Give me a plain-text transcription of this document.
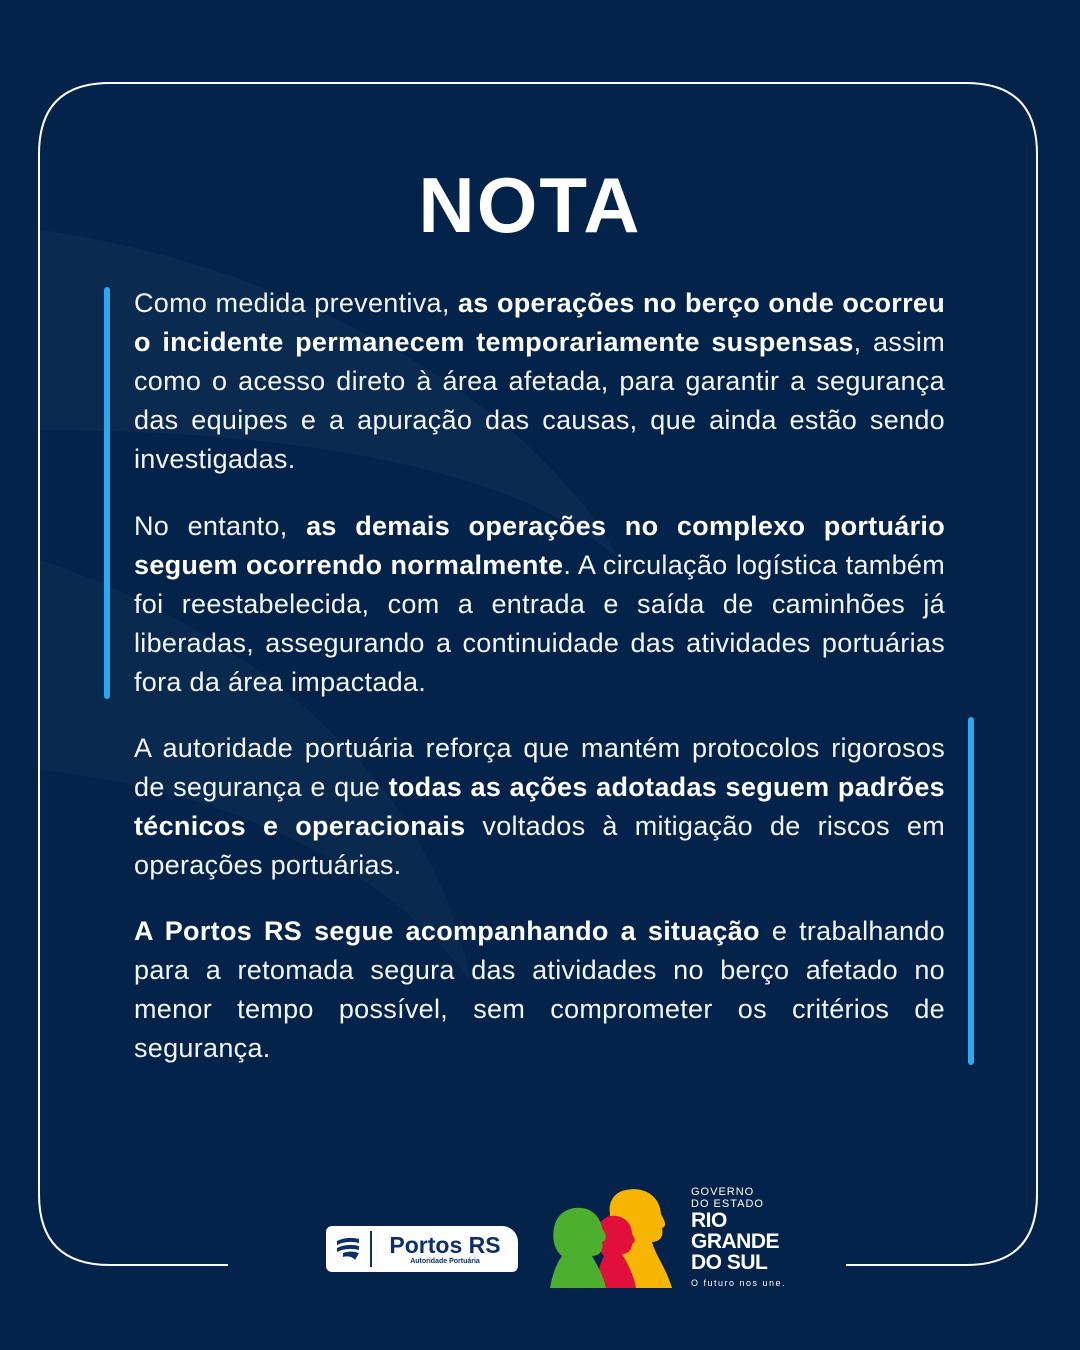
NOTA

Como medida preventiva, as operações no berço onde ocorreu o incidente permanecem temporariamente suspensas, assim como o acesso direto à área afetada, para garantir a segurança das equipes e a apuração das causas, que ainda estão sendo investigadas.

No entanto, as demais operações no complexo portuário seguem ocorrendo normalmente. A circulação logística também foi reestabelecida, com a entrada e saída de caminhões já liberadas, assegurando a continuidade das atividades portuárias fora da área impactada.

A autoridade portuária reforça que mantém protocolos rigorosos de segurança e que todas as ações adotadas seguem padrões técnicos e operacionais voltados à mitigação de riscos em operações portuárias.

A Portos RS segue acompanhando a situação e trabalhando para a retomada segura das atividades no berço afetado no menor tempo possível, sem comprometer os critérios de segurança.

Portos RS
Autoridade Portuária
GOVERNO
DO ESTADO
RIO
GRANDE
DO SUL
O futuro nos une.
